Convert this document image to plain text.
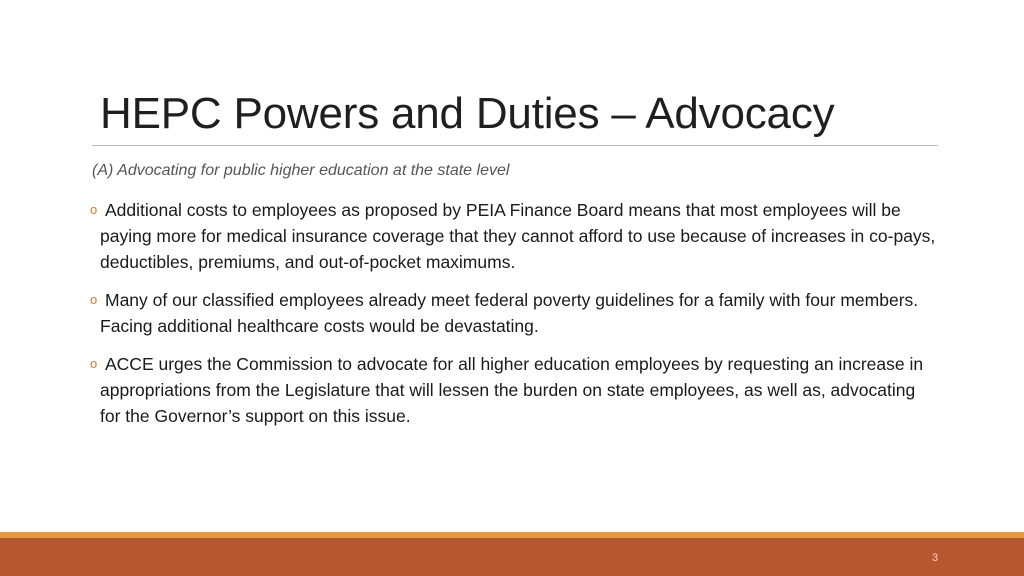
HEPC Powers and Duties – Advocacy
(A) Advocating for public higher education at the state level
o Additional costs to employees as proposed by PEIA Finance Board means that most employees will be paying more for medical insurance coverage that they cannot afford to use because of increases in co-pays, deductibles, premiums, and out-of-pocket maximums.
o Many of our classified employees already meet federal poverty guidelines for a family with four members. Facing additional healthcare costs would be devastating.
o ACCE urges the Commission to advocate for all higher education employees by requesting an increase in appropriations from the Legislature that will lessen the burden on state employees, as well as, advocating for the Governor’s support on this issue.
3
